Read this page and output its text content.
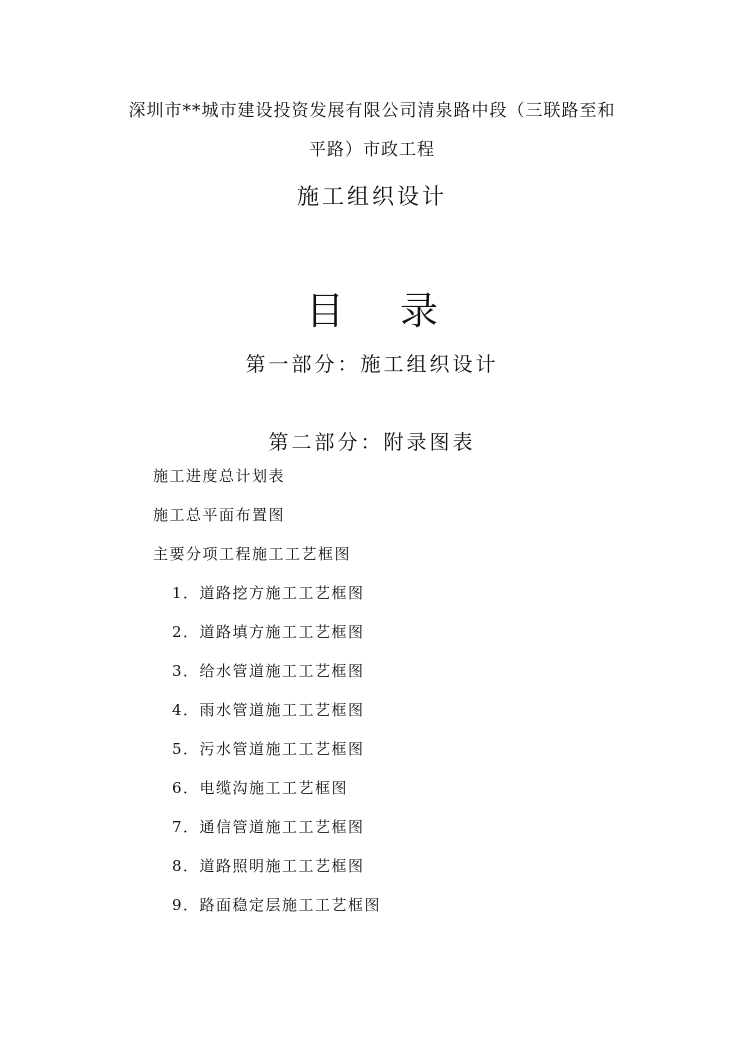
深圳市**城市建设投资发展有限公司清泉路中段（三联路至和
平路）市政工程
施工组织设计
目录
第一部分：施工组织设计
第二部分：附录图表
施工进度总计划表
施工总平面布置图
主要分项工程施工工艺框图
1．道路挖方施工工艺框图
2．道路填方施工工艺框图
3．给水管道施工工艺框图
4．雨水管道施工工艺框图
5．污水管道施工工艺框图
6．电缆沟施工工艺框图
7．通信管道施工工艺框图
8．道路照明施工工艺框图
9．路面稳定层施工工艺框图
